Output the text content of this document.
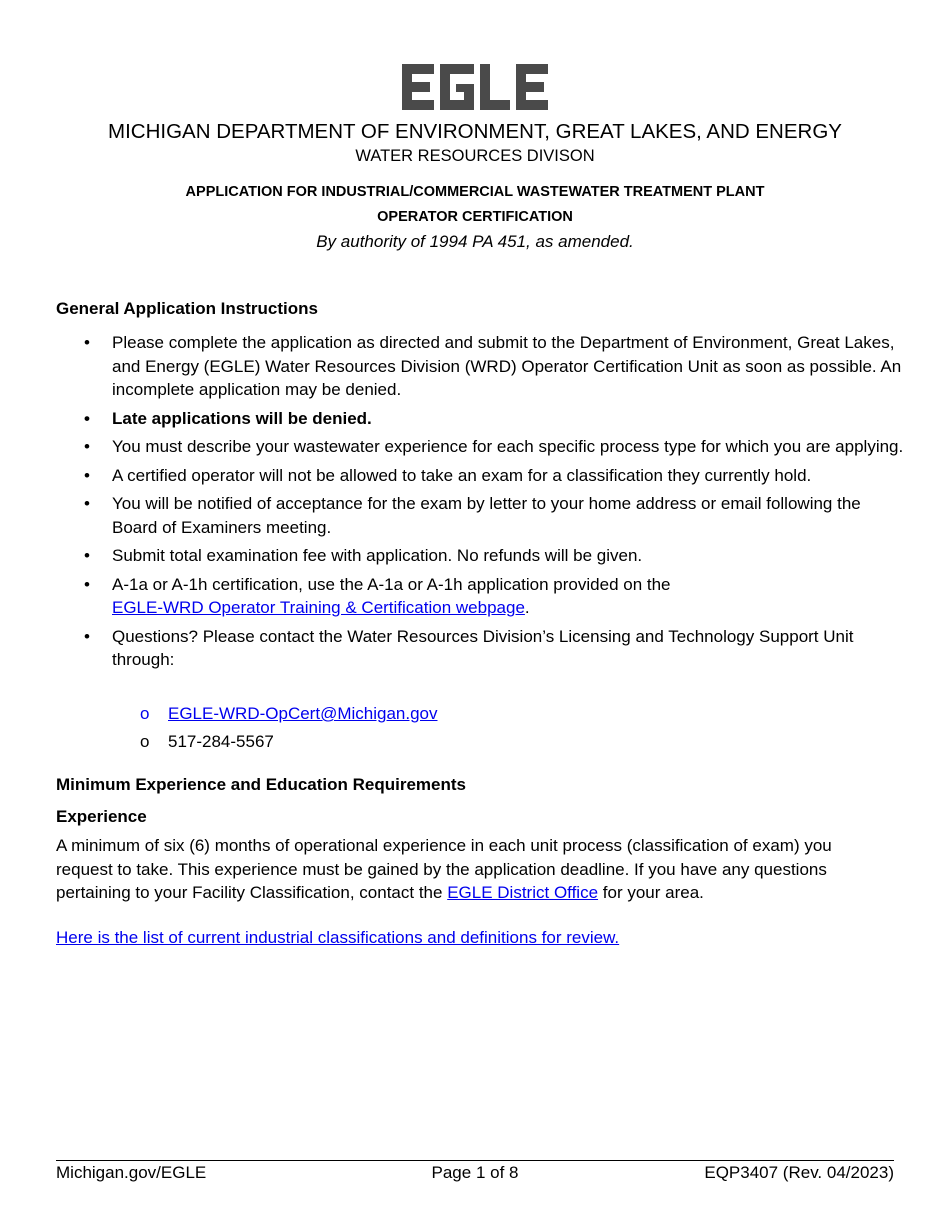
MICHIGAN DEPARTMENT OF ENVIRONMENT, GREAT LAKES, AND ENERGY
WATER RESOURCES DIVISON
APPLICATION FOR INDUSTRIAL/COMMERCIAL WASTEWATER TREATMENT PLANT
OPERATOR CERTIFICATION
By authority of 1994 PA 451, as amended.
General Application Instructions
• Please complete the application as directed and submit to the Department of Environment, Great Lakes, and Energy (EGLE) Water Resources Division (WRD) Operator Certification Unit as soon as possible. An incomplete application may be denied.
• Late applications will be denied.
• You must describe your wastewater experience for each specific process type for which you are applying.
• A certified operator will not be allowed to take an exam for a classification they currently hold.
• You will be notified of acceptance for the exam by letter to your home address or email following the Board of Examiners meeting.
• Submit total examination fee with application. No refunds will be given.
• A-1a or A-1h certification, use the A-1a or A-1h application provided on the
EGLE-WRD Operator Training & Certification webpage.
• Questions? Please contact the Water Resources Division’s Licensing and Technology Support Unit through:
o EGLE-WRD-OpCert@Michigan.gov
o 517-284-5567
Minimum Experience and Education Requirements
Experience
A minimum of six (6) months of operational experience in each unit process (classification of exam) you request to take. This experience must be gained by the application deadline. If you have any questions pertaining to your Facility Classification, contact the EGLE District Office for your area.
Here is the list of current industrial classifications and definitions for review.
Michigan.gov/EGLE	Page 1 of 8	EQP3407 (Rev. 04/2023)
